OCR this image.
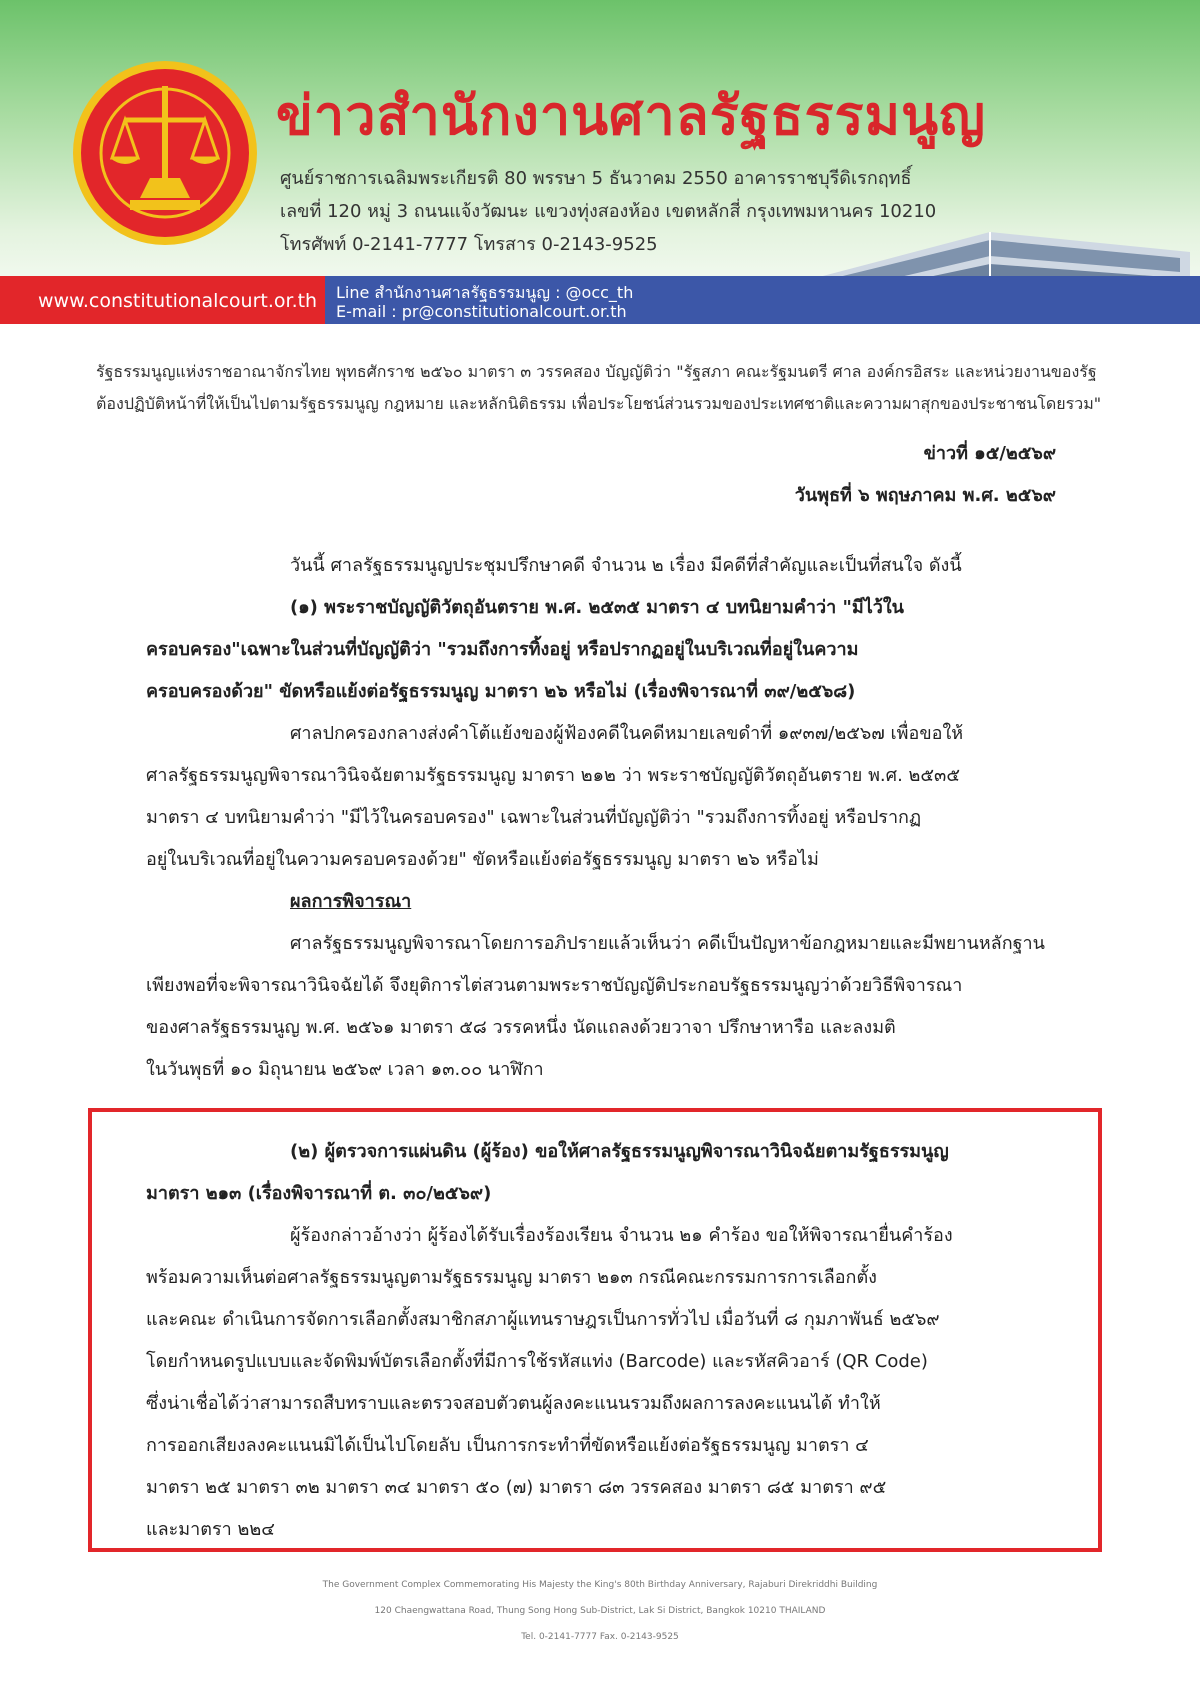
ข่าวสำนักงานศาลรัฐธรรมนูญ
ศูนย์ราชการเฉลิมพระเกียรติ 80 พรรษา 5 ธันวาคม 2550 อาคารราชบุรีดิเรกฤทธิ์
เลขที่ 120 หมู่ 3 ถนนแจ้งวัฒนะ แขวงทุ่งสองห้อง เขตหลักสี่ กรุงเทพมหานคร 10210
โทรศัพท์ 0-2141-7777 โทรสาร 0-2143-9525
www.constitutionalcourt.or.th Line สำนักงานศาลรัฐธรรมนูญ : @occ_th
E-mail : pr@constitutionalcourt.or.th
รัฐธรรมนูญแห่งราชอาณาจักรไทย พุทธศักราช ๒๕๖๐ มาตรา ๓ วรรคสอง บัญญัติว่า "รัฐสภา คณะรัฐมนตรี ศาล องค์กรอิสระ และหน่วยงานของรัฐ
ต้องปฏิบัติหน้าที่ให้เป็นไปตามรัฐธรรมนูญ กฎหมาย และหลักนิติธรรม เพื่อประโยชน์ส่วนรวมของประเทศชาติและความผาสุกของประชาชนโดยรวม"
ข่าวที่ ๑๕/๒๕๖๙
วันพุธที่ ๖ พฤษภาคม พ.ศ. ๒๕๖๙
วันนี้ ศาลรัฐธรรมนูญประชุมปรึกษาคดี จำนวน ๒ เรื่อง มีคดีที่สำคัญและเป็นที่สนใจ ดังนี้
(๑) พระราชบัญญัติวัตถุอันตราย พ.ศ. ๒๕๓๕ มาตรา ๔ บทนิยามคำว่า "มีไว้ใน
ครอบครอง"เฉพาะในส่วนที่บัญญัติว่า "รวมถึงการทิ้งอยู่ หรือปรากฏอยู่ในบริเวณที่อยู่ในความ
ครอบครองด้วย" ขัดหรือแย้งต่อรัฐธรรมนูญ มาตรา ๒๖ หรือไม่ (เรื่องพิจารณาที่ ๓๙/๒๕๖๘)
ศาลปกครองกลางส่งคำโต้แย้งของผู้ฟ้องคดีในคดีหมายเลขดำที่ ๑๙๓๗/๒๕๖๗ เพื่อขอให้
ศาลรัฐธรรมนูญพิจารณาวินิจฉัยตามรัฐธรรมนูญ มาตรา ๒๑๒ ว่า พระราชบัญญัติวัตถุอันตราย พ.ศ. ๒๕๓๕
มาตรา ๔ บทนิยามคำว่า "มีไว้ในครอบครอง" เฉพาะในส่วนที่บัญญัติว่า "รวมถึงการทิ้งอยู่ หรือปรากฏ
อยู่ในบริเวณที่อยู่ในความครอบครองด้วย" ขัดหรือแย้งต่อรัฐธรรมนูญ มาตรา ๒๖ หรือไม่
ผลการพิจารณา
ศาลรัฐธรรมนูญพิจารณาโดยการอภิปรายแล้วเห็นว่า คดีเป็นปัญหาข้อกฎหมายและมีพยานหลักฐาน
เพียงพอที่จะพิจารณาวินิจฉัยได้ จึงยุติการไต่สวนตามพระราชบัญญัติประกอบรัฐธรรมนูญว่าด้วยวิธีพิจารณา
ของศาลรัฐธรรมนูญ พ.ศ. ๒๕๖๑ มาตรา ๕๘ วรรคหนึ่ง นัดแถลงด้วยวาจา ปรึกษาหารือ และลงมติ
ในวันพุธที่ ๑๐ มิถุนายน ๒๕๖๙ เวลา ๑๓.๐๐ นาฬิกา
(๒) ผู้ตรวจการแผ่นดิน (ผู้ร้อง) ขอให้ศาลรัฐธรรมนูญพิจารณาวินิจฉัยตามรัฐธรรมนูญ
มาตรา ๒๑๓ (เรื่องพิจารณาที่ ต. ๓๐/๒๕๖๙)
ผู้ร้องกล่าวอ้างว่า ผู้ร้องได้รับเรื่องร้องเรียน จำนวน ๒๑ คำร้อง ขอให้พิจารณายื่นคำร้อง
พร้อมความเห็นต่อศาลรัฐธรรมนูญตามรัฐธรรมนูญ มาตรา ๒๑๓ กรณีคณะกรรมการการเลือกตั้ง
และคณะ ดำเนินการจัดการเลือกตั้งสมาชิกสภาผู้แทนราษฎรเป็นการทั่วไป เมื่อวันที่ ๘ กุมภาพันธ์ ๒๕๖๙
โดยกำหนดรูปแบบและจัดพิมพ์บัตรเลือกตั้งที่มีการใช้รหัสแท่ง (Barcode) และรหัสคิวอาร์ (QR Code)
ซึ่งน่าเชื่อได้ว่าสามารถสืบทราบและตรวจสอบตัวตนผู้ลงคะแนนรวมถึงผลการลงคะแนนได้ ทำให้
การออกเสียงลงคะแนนมิได้เป็นไปโดยลับ เป็นการกระทำที่ขัดหรือแย้งต่อรัฐธรรมนูญ มาตรา ๔
มาตรา ๒๕ มาตรา ๓๒ มาตรา ๓๔ มาตรา ๕๐ (๗) มาตรา ๘๓ วรรคสอง มาตรา ๘๕ มาตรา ๙๕
และมาตรา ๒๒๔
The Government Complex Commemorating His Majesty the King's 80th Birthday Anniversary, Rajaburi Direkriddhi Building
120 Chaengwattana Road, Thung Song Hong Sub-District, Lak Si District, Bangkok 10210 THAILAND
Tel. 0-2141-7777 Fax. 0-2143-9525
